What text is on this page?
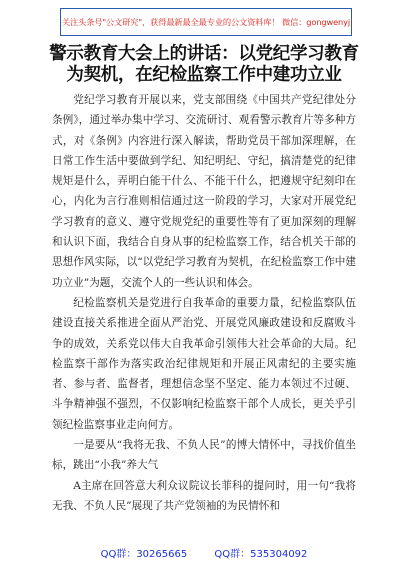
关注头条号"公文研究"，获得最新最全最专业的公文资料库！ 微信：gongwenyj
警示教育大会上的讲话：以党纪学习教育
为契机，在纪检监察工作中建功立业

党纪学习教育开展以来，党支部围绕《中国共产党纪律处分条例》，通过举办集中学习、交流研讨、观看警示教育片等多种方式，对《条例》内容进行深入解读，帮助党员干部加深理解，在日常工作生活中要做到学纪、知纪明纪、守纪，搞清楚党的纪律规矩是什么，弄明白能干什么、不能干什么，把遵规守纪刻印在心，内化为言行准则相信通过这一阶段的学习，大家对开展党纪学习教育的意义、遵守党规党纪的重要性等有了更加深刻的理解和认识下面，我结合自身从事的纪检监察工作，结合机关干部的思想作风实际，以“以党纪学习教育为契机，在纪检监察工作中建功立业”为题，交流个人的一些认识和体会。

纪检监察机关是党进行自我革命的重要力量，纪检监察队伍建设直接关系推进全面从严治党、开展党风廉政建设和反腐败斗争的成效，关系党以伟大自我革命引领伟大社会革命的大局。纪检监察干部作为落实政治纪律规矩和开展正风肃纪的主要实施者、参与者、监督者，理想信念坚不坚定、能力本领过不过硬、斗争精神强不强烈，不仅影响纪检监察干部个人成长，更关乎引领纪检监察事业走向何方。

一是要从“我将无我、不负人民”的博大情怀中，寻找价值坐标，跳出“小我”养大气

A主席在回答意大利众议院议长菲科的提问时，用一句“我将无我、不负人民”展现了共产党领袖的为民情怀和

QQ群：30265665	QQ群：535304092
